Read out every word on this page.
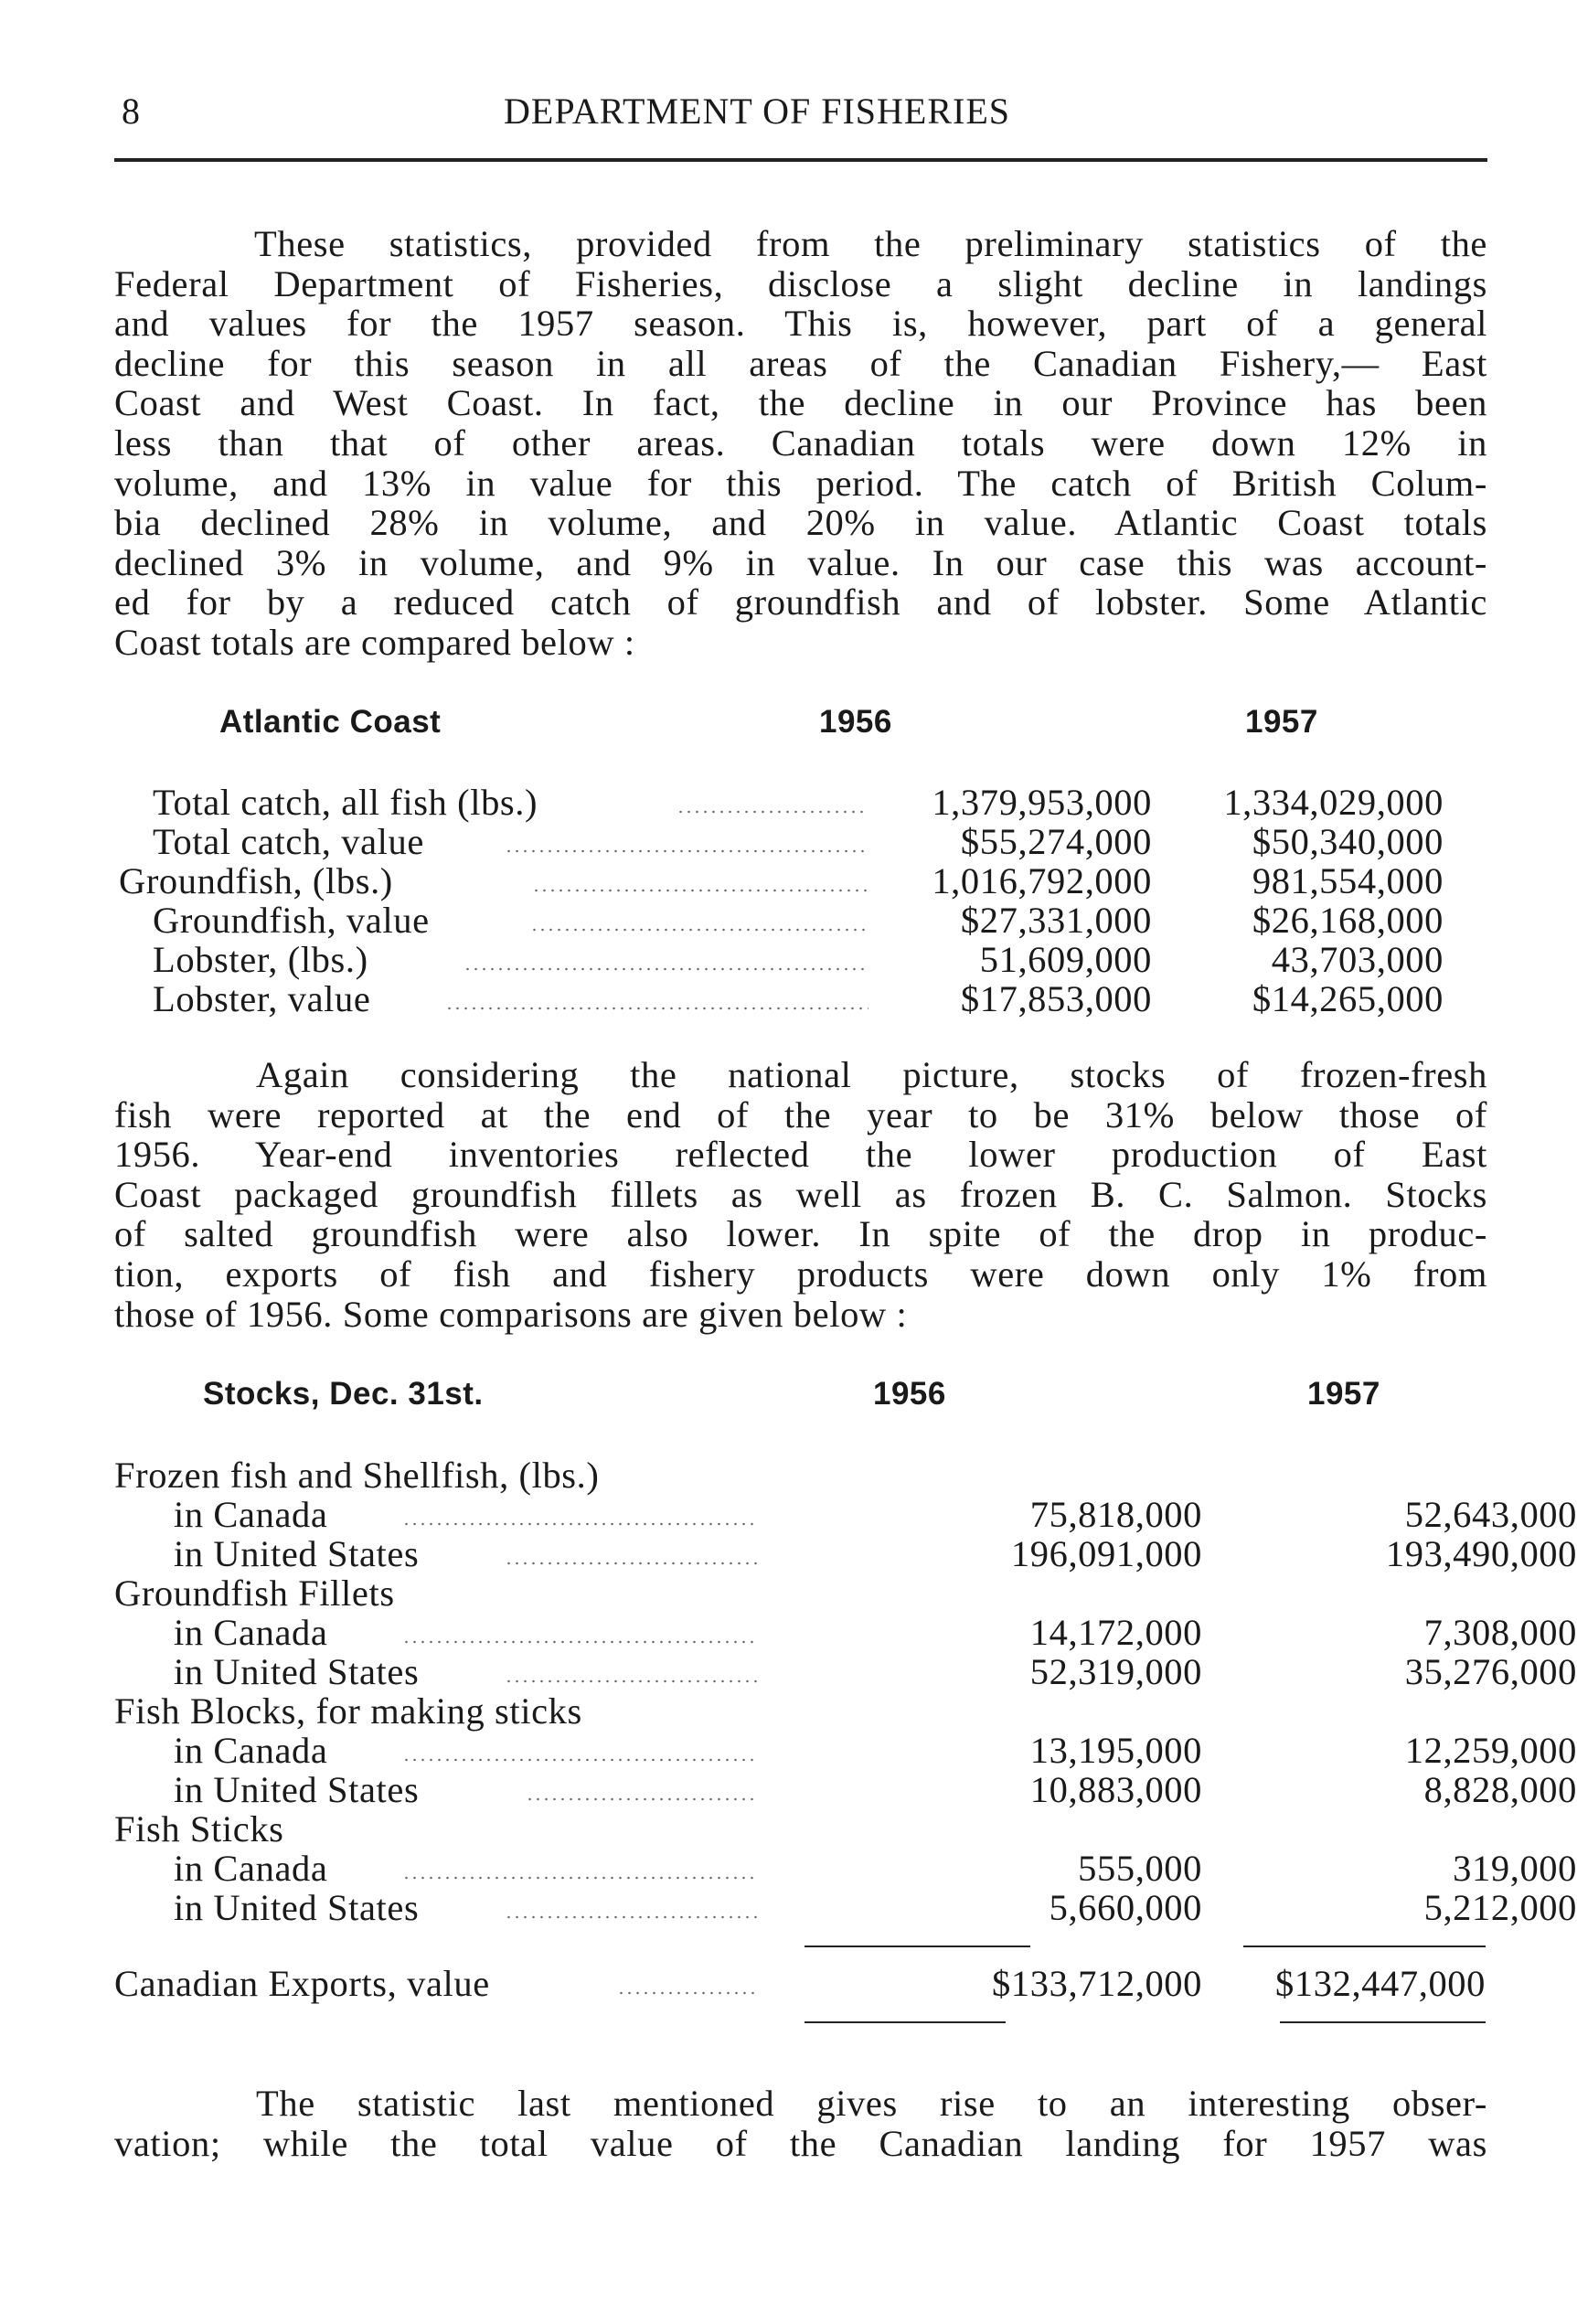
8	DEPARTMENT OF FISHERIES
These statistics, provided from the preliminary statistics of the
Federal Department of Fisheries, disclose a slight decline in landings
and values for the 1957 season. This is, however, part of a general
decline for this season in all areas of the Canadian Fishery,— East
Coast and West Coast. In fact, the decline in our Province has been
less than that of other areas. Canadian totals were down 12% in
volume, and 13% in value for this period. The catch of British Colum-
bia declined 28% in volume, and 20% in value. Atlantic Coast totals
declined 3% in volume, and 9% in value. In our case this was account-
ed for by a reduced catch of groundfish and of lobster. Some Atlantic
Coast totals are compared below :
Atlantic Coast	1956	1957
Total catch, all fish (lbs.)	1,379,953,000	1,334,029,000
Total catch, value	$55,274,000	$50,340,000
Groundfish, (lbs.)	1,016,792,000	981,554,000
Groundfish, value	$27,331,000	$26,168,000
Lobster, (lbs.)	51,609,000	43,703,000
Lobster, value	$17,853,000	$14,265,000
Again considering the national picture, stocks of frozen-fresh
fish were reported at the end of the year to be 31% below those of
1956. Year-end inventories reflected the lower production of East
Coast packaged groundfish fillets as well as frozen B. C. Salmon. Stocks
of salted groundfish were also lower. In spite of the drop in produc-
tion, exports of fish and fishery products were down only 1% from
those of 1956. Some comparisons are given below :
Stocks, Dec. 31st.	1956	1957
Frozen fish and Shellfish, (lbs.)
in Canada	75,818,000	52,643,000
in United States	196,091,000	193,490,000
Groundfish Fillets
in Canada	14,172,000	7,308,000
in United States	52,319,000	35,276,000
Fish Blocks, for making sticks
in Canada	13,195,000	12,259,000
in United States	10,883,000	8,828,000
Fish Sticks
in Canada	555,000	319,000
in United States	5,660,000	5,212,000
Canadian Exports, value	$133,712,000	$132,447,000
The statistic last mentioned gives rise to an interesting obser-
vation; while the total value of the Canadian landing for 1957 was
